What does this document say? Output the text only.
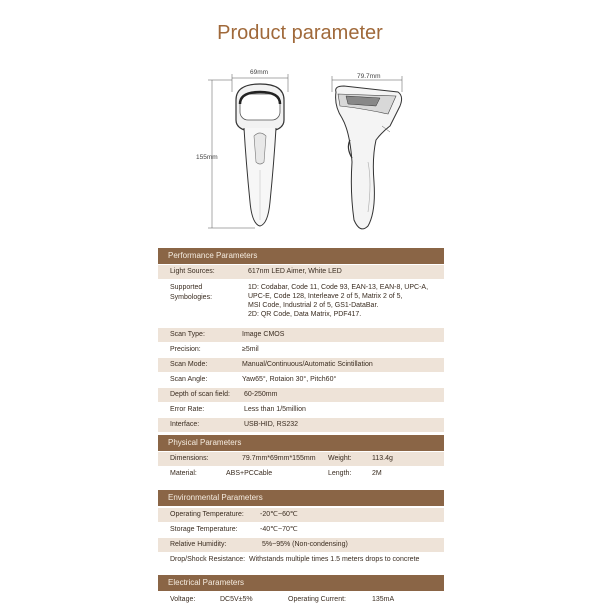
Product parameter
69mm
155mm
79.7mm
Performance Parameters
Light Sources:	617nm LED Aimer, White LED
Supported
Symbologies:
1D: Codabar, Code 11, Code 93, EAN-13, EAN-8, UPC-A,
UPC-E, Code 128, Interleave 2 of 5, Matrix 2 of 5,
MSI Code, Industrial 2 of 5, GS1-DataBar.
2D: QR Code, Data Matrix, PDF417.
Scan Type:	Image CMOS
Precision:	≥5mil
Scan Mode:	Manual/Continuous/Automatic Scintillation
Scan Angle:	Yaw65°, Rotaion 30°, Pitch60°
Depth of scan field: 60-250mm
Error Rate:	Less than 1/5million
Interface:	USB-HID, RS232
Physical Parameters
Dimensions:	79.7mm*69mm*155mm Weight:	113.4g
Material:	ABS+PCCable	Length:	2M
Environmental Parameters
Operating Temperature: -20℃~60℃
Storage Temperature:	-40℃~70℃
Relative Humidity:	5%~95% (Non-condensing)
Drop/Shock Resistance: Withstands multiple times 1.5 meters drops to concrete
Electrical Parameters
Voltage:	DC5V±5%	Operating Current:	135mA
